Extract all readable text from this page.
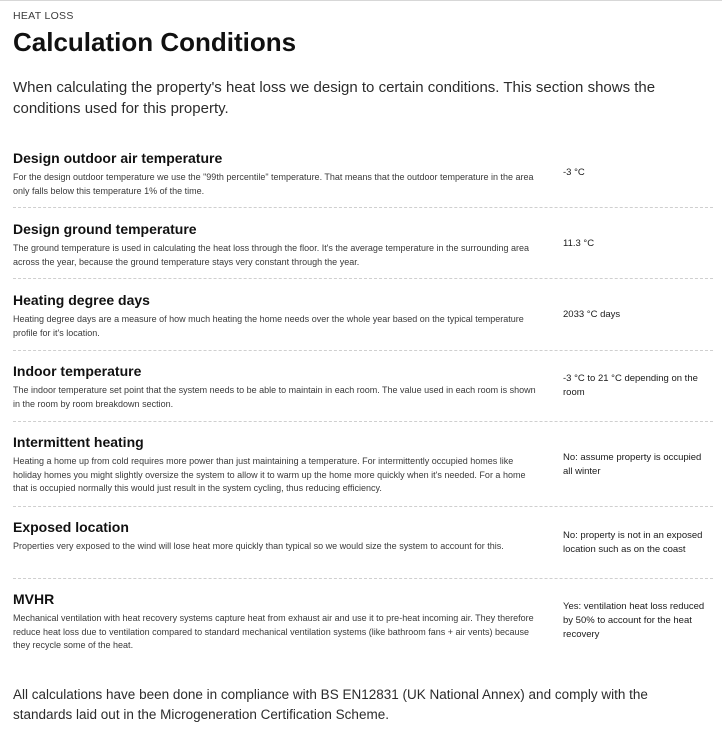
HEAT LOSS
Calculation Conditions

When calculating the property's heat loss we design to certain conditions. This section shows the conditions used for this property.

Design outdoor air temperature

For the design outdoor temperature we use the "99th percentile" temperature. That means that the outdoor temperature in the area only falls below this temperature 1% of the time.

-3 °C

Design ground temperature

The ground temperature is used in calculating the heat loss through the floor. It's the average temperature in the surrounding area across the year, because the ground temperature stays very constant through the year.

11.3 °C

Heating degree days

Heating degree days are a measure of how much heating the home needs over the whole year based on the typical temperature profile for it's location.

2033 °C days

Indoor temperature

The indoor temperature set point that the system needs to be able to maintain in each room. The value used in each room is shown in the room by room breakdown section.

-3 °C to 21 °C depending on the room

Intermittent heating

Heating a home up from cold requires more power than just maintaining a temperature. For intermittently occupied homes like holiday homes you might slightly oversize the system to allow it to warm up the home more quickly when it's needed. For a home that is occupied normally this would just result in the system cycling, thus reducing efficiency.

No: assume property is occupied all winter

Exposed location

Properties very exposed to the wind will lose heat more quickly than typical so we would size the system to account for this.

No: property is not in an exposed location such as on the coast

MVHR

Mechanical ventilation with heat recovery systems capture heat from exhaust air and use it to pre-heat incoming air. They therefore reduce heat loss due to ventilation compared to standard mechanical ventilation systems (like bathroom fans + air vents) because they recycle some of the heat.

Yes: ventilation heat loss reduced by 50% to account for the heat recovery

All calculations have been done in compliance with BS EN12831 (UK National Annex) and comply with the standards laid out in the Microgeneration Certification Scheme.
